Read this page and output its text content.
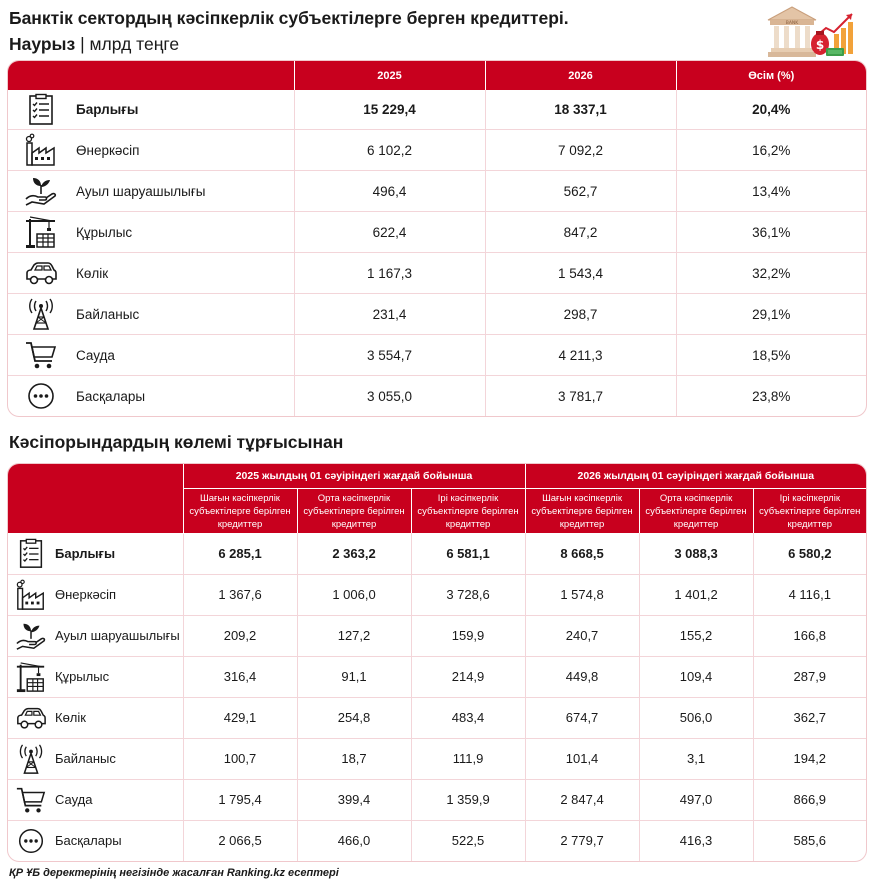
Банктік сектордың кәсіпкерлік субъектілерге берген кредиттері.
Наурыз | млрд теңге
BANK
$
	2025	2026	Өсім (%)

Барлығы	15 229,4	18 337,1	20,4%

Өнеркәсіп	6 102,2	7 092,2	16,2%

Ауыл шаруашылығы	496,4	562,7	13,4%

Құрылыс	622,4	847,2	36,1%

Көлік	1 167,3	1 543,4	32,2%

Байланыс	231,4	298,7	29,1%

Сауда	3 554,7	4 211,3	18,5%

Басқалары	3 055,0	3 781,7	23,8%
Кәсіпорындардың көлемі тұрғысынан
	2025 жылдың 01 сәуіріндегі жағдай бойынша			2026 жылдың 01 сәуіріндегі жағдай бойынша		
	Шағын кәсіпкерлік субъектілерге берілген кредиттер	Орта кәсіпкерлік субъектілерге берілген кредиттер	Ірі кәсіпкерлік субъектілерге берілген кредиттер	Шағын кәсіпкерлік субъектілерге берілген кредиттер	Орта кәсіпкерлік субъектілерге берілген кредиттер	Ірі кәсіпкерлік субъектілерге берілген кредиттер

Барлығы	6 285,1	2 363,2	6 581,1	8 668,5	3 088,3	6 580,2

Өнеркәсіп	1 367,6	1 006,0	3 728,6	1 574,8	1 401,2	4 116,1

Ауыл шаруашылығы	209,2	127,2	159,9	240,7	155,2	166,8

Құрылыс	316,4	91,1	214,9	449,8	109,4	287,9

Көлік	429,1	254,8	483,4	674,7	506,0	362,7

Байланыс	100,7	18,7	111,9	101,4	3,1	194,2

Сауда	1 795,4	399,4	1 359,9	2 847,4	497,0	866,9

Басқалары	2 066,5	466,0	522,5	2 779,7	416,3	585,6
ҚР ҰБ деректерінің негізінде жасалған Ranking.kz есептері
